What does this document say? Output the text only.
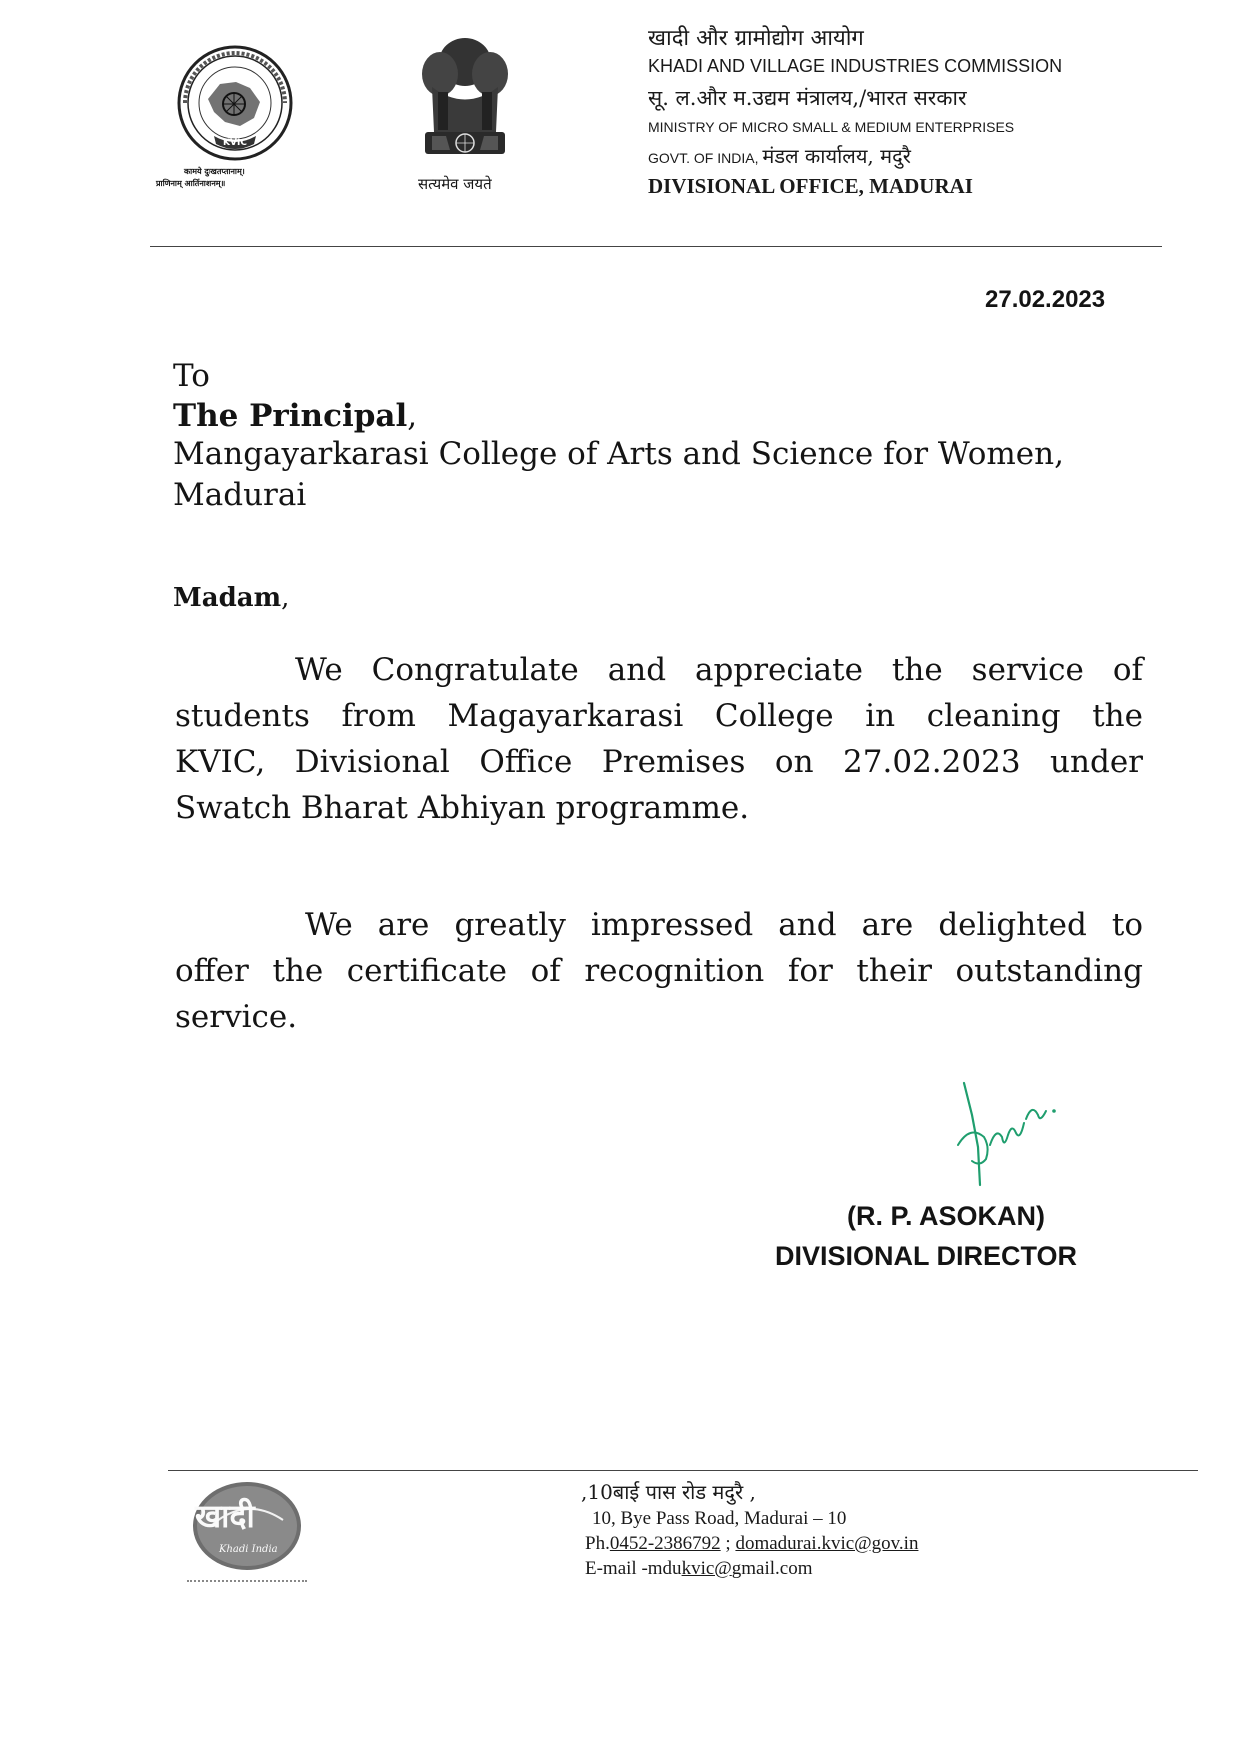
KVIC
कामये दुःखतप्तानाम्।
प्राणिनाम् आर्तिनाशनम्॥	सत्यमेव जयते
खादी और ग्रामोद्योग आयोग
KHADI AND VILLAGE INDUSTRIES COMMISSION
सू. ल.और म.उद्यम मंत्रालय,/भारत सरकार
MINISTRY OF MICRO SMALL & MEDIUM ENTERPRISES
GOVT. OF INDIA, मंडल कार्यालय, मदुरै
DIVISIONAL OFFICE, MADURAI
27.02.2023
To
The Principal,
Mangayarkarasi College of Arts and Science for Women,
Madurai
Madam,
We Congratulate and appreciate the service of
students from Magayarkarasi College in cleaning the
KVIC, Divisional Office Premises on 27.02.2023 under
Swatch Bharat Abhiyan programme.
We are greatly impressed and are delighted to
offer the certificate of recognition for their outstanding
service.
(R. P. ASOKAN)
DIVISIONAL DIRECTOR
खादी
Khadi India
,10बाई पास रोड मदुरै ,
10, Bye Pass Road, Madurai – 10
Ph.0452-2386792 ; domadurai.kvic@gov.in
E-mail -mdukvic@gmail.com
